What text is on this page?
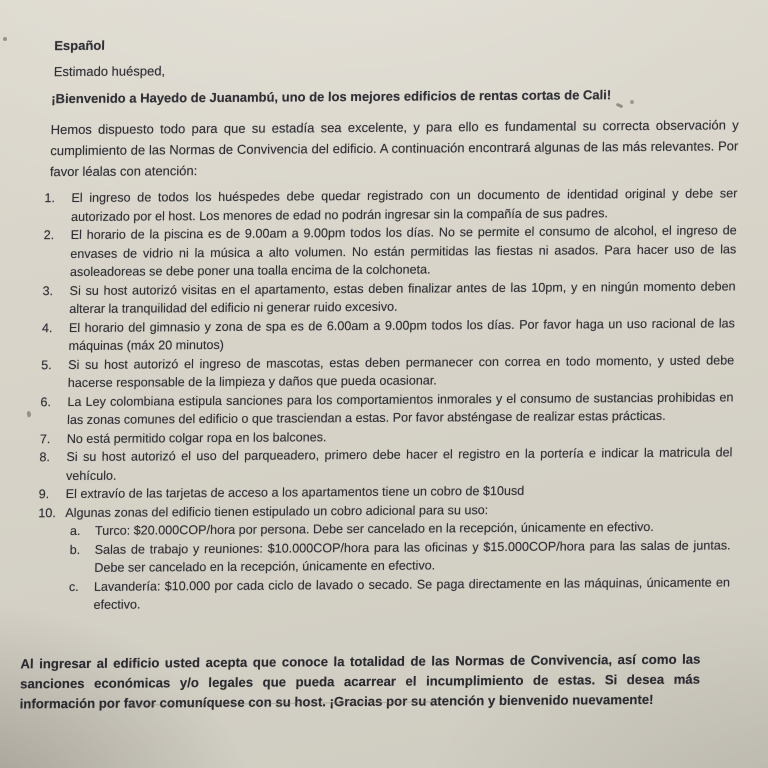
Español

Estimado huésped,

¡Bienvenido a Hayedo de Juanambú, uno de los mejores edificios de rentas cortas de Cali!

Hemos dispuesto todo para que su estadía sea excelente, y para ello es fundamental su correcta observación y cumplimiento de las Normas de Convivencia del edificio. A continuación encontrará algunas de las más relevantes. Por favor léalas con atención:

1.	El ingreso de todos los huéspedes debe quedar registrado con un documento de identidad original y debe ser autorizado por el host. Los menores de edad no podrán ingresar sin la compañía de sus padres.
2.	El horario de la piscina es de 9.00am a 9.00pm todos los días. No se permite el consumo de alcohol, el ingreso de envases de vidrio ni la música a alto volumen. No están permitidas las fiestas ni asados. Para hacer uso de las asoleadoreas se debe poner una toalla encima de la colchoneta.
3.	Si su host autorizó visitas en el apartamento, estas deben finalizar antes de las 10pm, y en ningún momento deben alterar la tranquilidad del edificio ni generar ruido excesivo.
4.	El horario del gimnasio y zona de spa es de 6.00am a 9.00pm todos los días. Por favor haga un uso racional de las máquinas (máx 20 minutos)
5.	Si su host autorizó el ingreso de mascotas, estas deben permanecer con correa en todo momento, y usted debe hacerse responsable de la limpieza y daños que pueda ocasionar.
6.	La Ley colombiana estipula sanciones para los comportamientos inmorales y el consumo de sustancias prohibidas en las zonas comunes del edificio o que trasciendan a estas. Por favor absténgase de realizar estas prácticas.
7.	No está permitido colgar ropa en los balcones.
8.	Si su host autorizó el uso del parqueadero, primero debe hacer el registro en la portería e indicar la matricula del vehículo.
9.	El extravío de las tarjetas de acceso a los apartamentos tiene un cobro de $10usd
10. Algunas zonas del edificio tienen estipulado un cobro adicional para su uso:
a.	Turco: $20.000COP/hora por persona. Debe ser cancelado en la recepción, únicamente en efectivo.
b.	Salas de trabajo y reuniones: $10.000COP/hora para las oficinas y $15.000COP/hora para las salas de juntas. Debe ser cancelado en la recepción, únicamente en efectivo.
c.	Lavandería: $10.000 por cada ciclo de lavado o secado. Se paga directamente en las máquinas, únicamente en efectivo.

Al ingresar al edificio usted acepta que conoce la totalidad de las Normas de Convivencia, así como las sanciones económicas y/o legales que pueda acarrear el incumplimiento de estas. Si desea más información por favor comuníquese con su host. ¡Gracias por su atención y bienvenido nuevamente!
